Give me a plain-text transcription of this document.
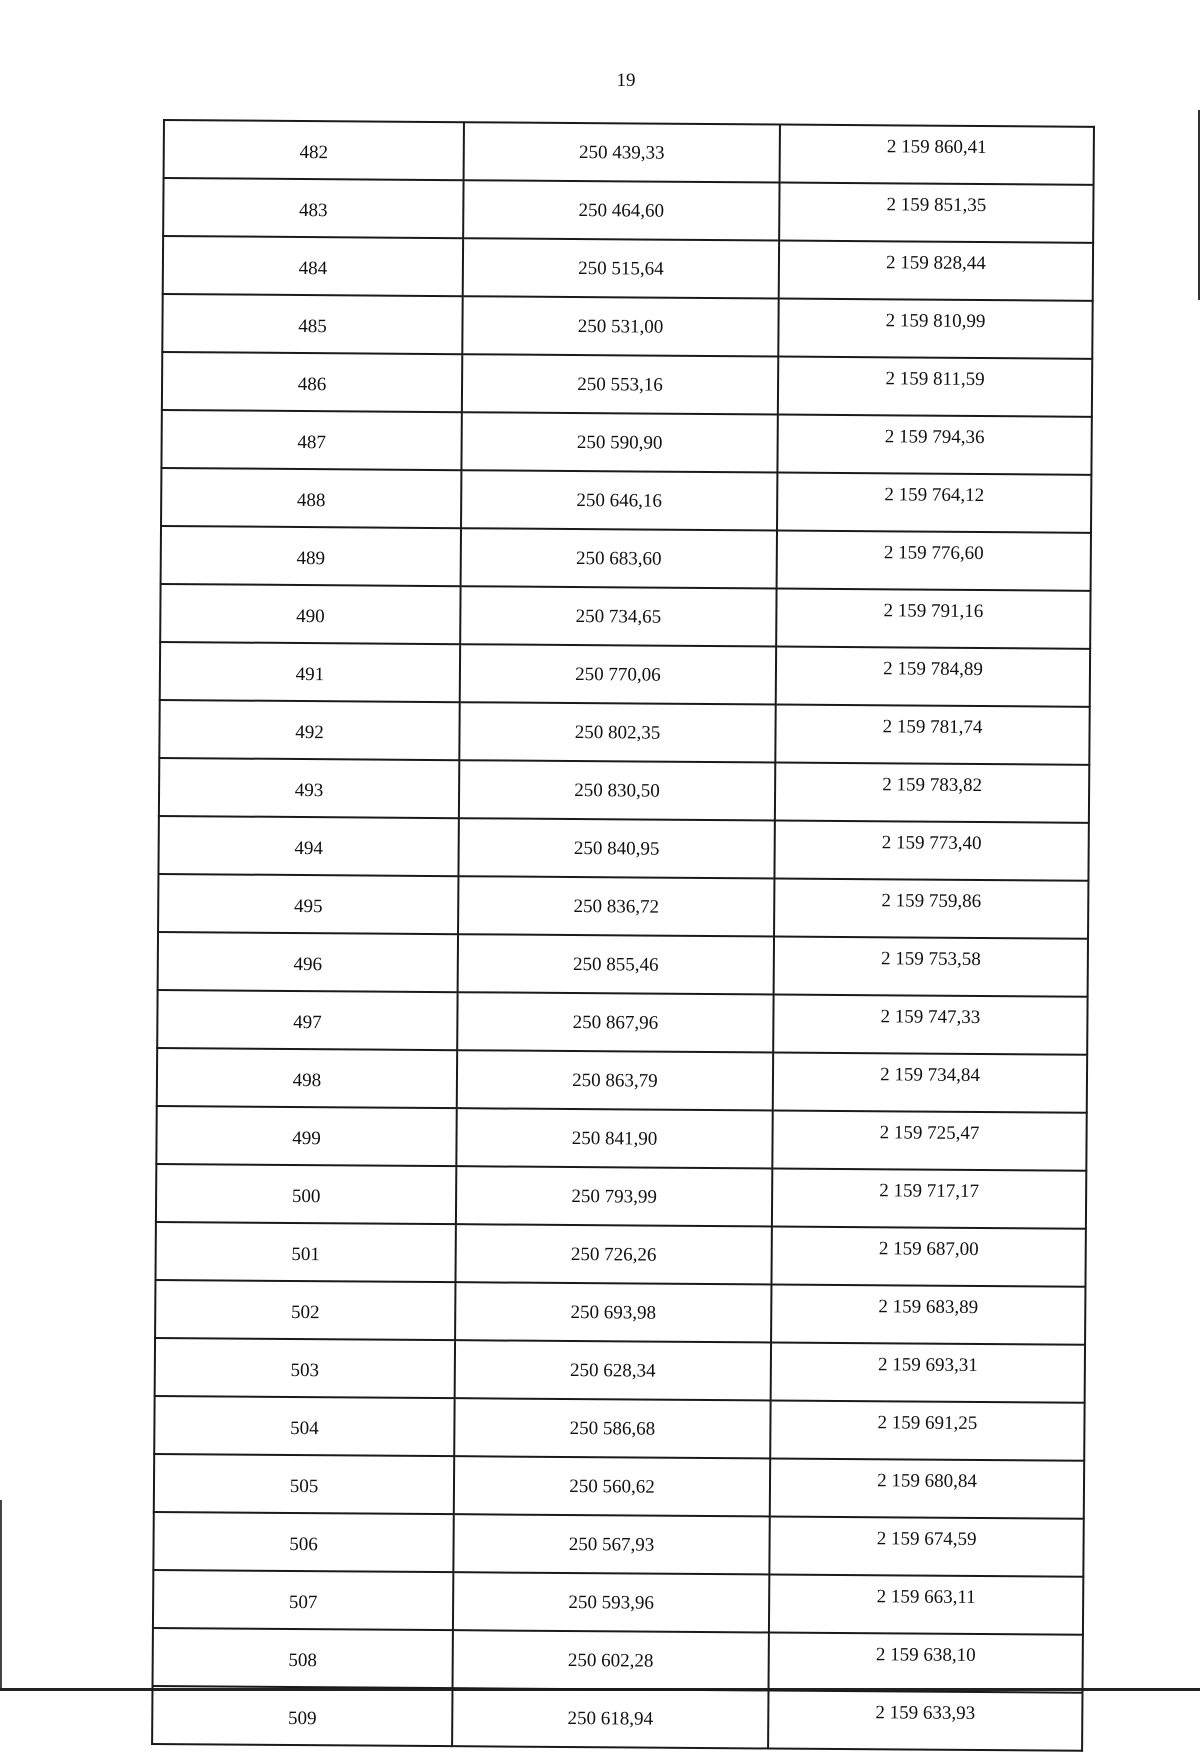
19
482	250 439,33	2 159 860,41
483	250 464,60	2 159 851,35
484	250 515,64	2 159 828,44
485	250 531,00	2 159 810,99
486	250 553,16	2 159 811,59
487	250 590,90	2 159 794,36
488	250 646,16	2 159 764,12
489	250 683,60	2 159 776,60
490	250 734,65	2 159 791,16
491	250 770,06	2 159 784,89
492	250 802,35	2 159 781,74
493	250 830,50	2 159 783,82
494	250 840,95	2 159 773,40
495	250 836,72	2 159 759,86
496	250 855,46	2 159 753,58
497	250 867,96	2 159 747,33
498	250 863,79	2 159 734,84
499	250 841,90	2 159 725,47
500	250 793,99	2 159 717,17
501	250 726,26	2 159 687,00
502	250 693,98	2 159 683,89
503	250 628,34	2 159 693,31
504	250 586,68	2 159 691,25
505	250 560,62	2 159 680,84
506	250 567,93	2 159 674,59
507	250 593,96	2 159 663,11
508	250 602,28	2 159 638,10
509	250 618,94	2 159 633,93
